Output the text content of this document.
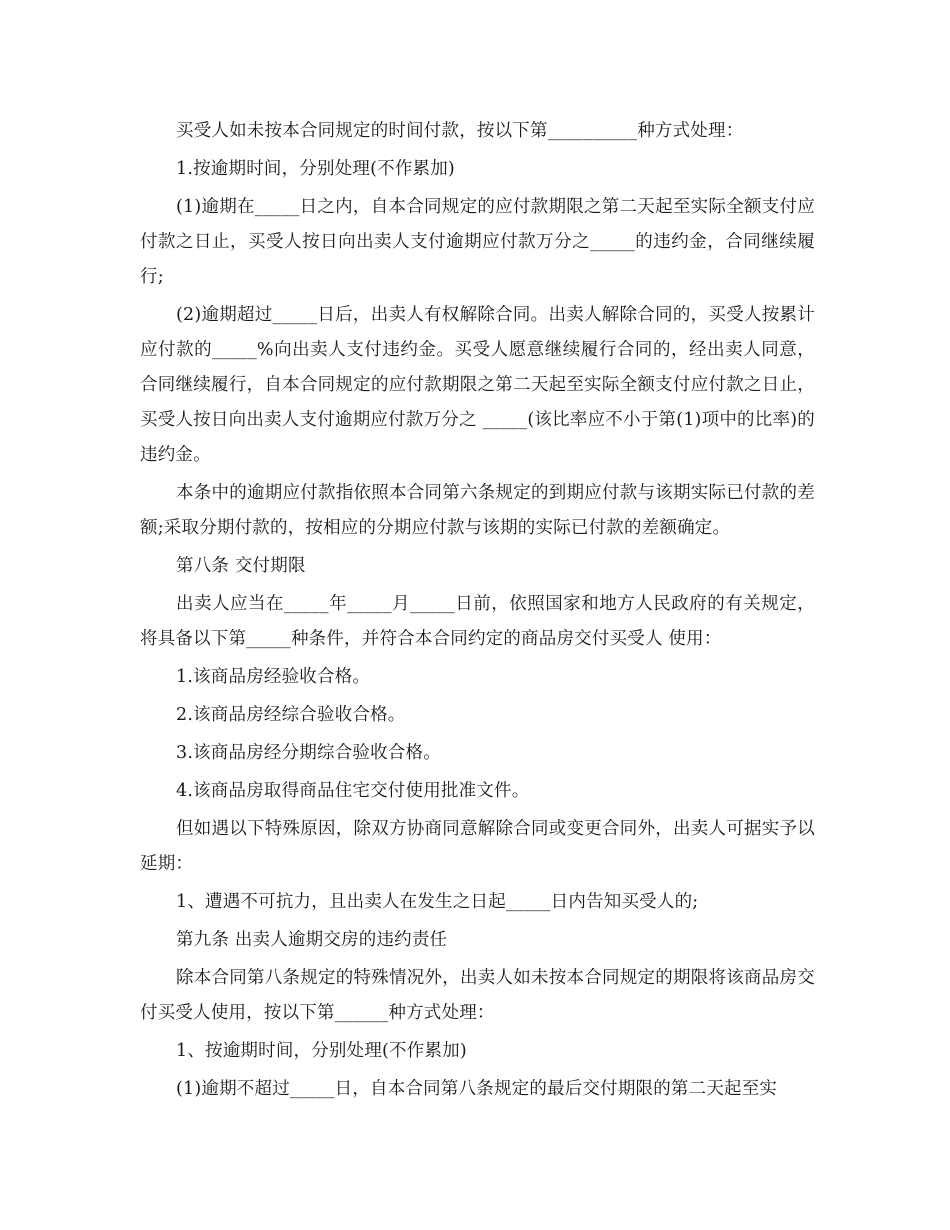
买受人如未按本合同规定的时间付款，按以下第__________种方式处理：

1.按逾期时间，分别处理(不作累加)

(1)逾期在_____日之内，自本合同规定的应付款期限之第二天起至实际全额支付应付款之日止，买受人按日向出卖人支付逾期应付款万分之_____的违约金，合同继续履行;

(2)逾期超过_____日后，出卖人有权解除合同。出卖人解除合同的，买受人按累计应付款的_____%向出卖人支付违约金。买受人愿意继续履行合同的，经出卖人同意，合同继续履行，自本合同规定的应付款期限之第二天起至实际全额支付应付款之日止，买受人按日向出卖人支付逾期应付款万分之 _____(该比率应不小于第(1)项中的比率)的违约金。

本条中的逾期应付款指依照本合同第六条规定的到期应付款与该期实际已付款的差额;采取分期付款的，按相应的分期应付款与该期的实际已付款的差额确定。

第八条 交付期限

出卖人应当在_____年_____月_____日前，依照国家和地方人民政府的有关规定，将具备以下第_____种条件，并符合本合同约定的商品房交付买受人 使用：

1.该商品房经验收合格。

2.该商品房经综合验收合格。

3.该商品房经分期综合验收合格。

4.该商品房取得商品住宅交付使用批准文件。

但如遇以下特殊原因，除双方协商同意解除合同或变更合同外，出卖人可据实予以延期：

1、遭遇不可抗力，且出卖人在发生之日起_____日内告知买受人的;

第九条 出卖人逾期交房的违约责任

除本合同第八条规定的特殊情况外，出卖人如未按本合同规定的期限将该商品房交付买受人使用，按以下第______种方式处理：

1、按逾期时间，分别处理(不作累加)

(1)逾期不超过_____日，自本合同第八条规定的最后交付期限的第二天起至实
